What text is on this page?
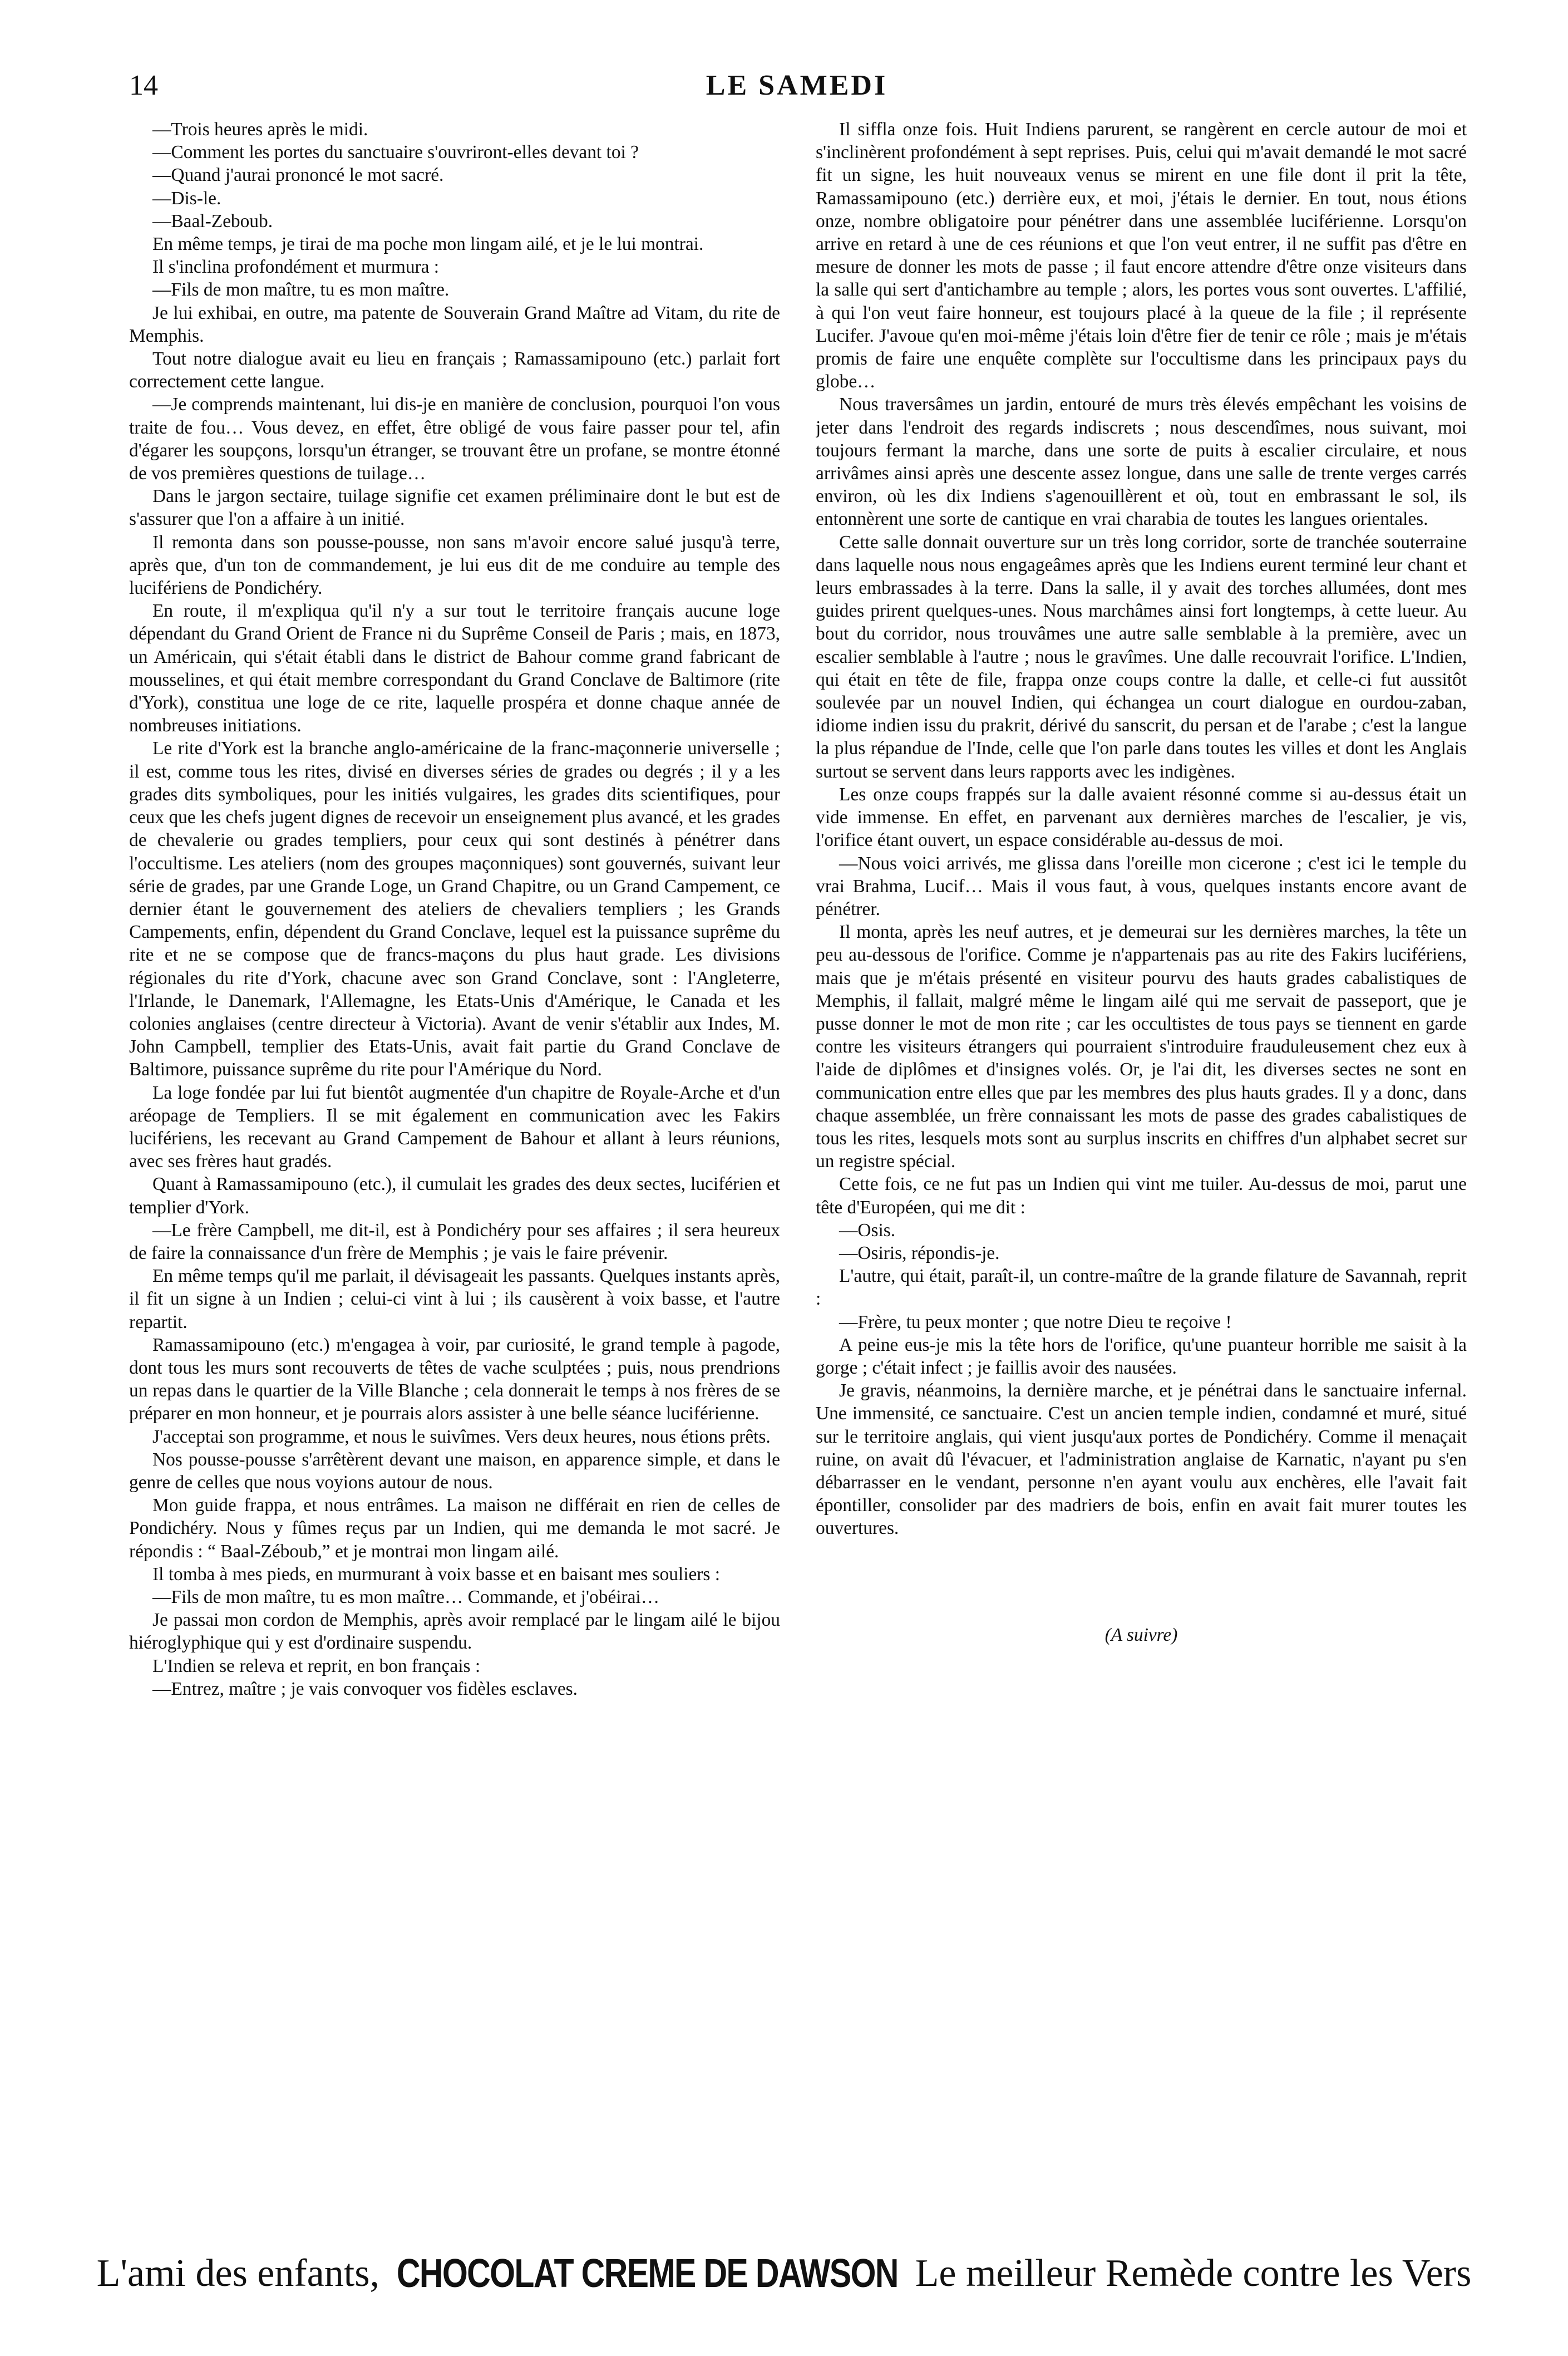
14	LE SAMEDI

—Trois heures après le midi.

—Comment les portes du sanctuaire s'ouvriront-elles devant toi ?

—Quand j'aurai prononcé le mot sacré.

—Dis-le.

—Baal-Zeboub.

En même temps, je tirai de ma poche mon lingam ailé, et je le lui montrai.

Il s'inclina profondément et murmura :

—Fils de mon maître, tu es mon maître.

Je lui exhibai, en outre, ma patente de Souverain Grand Maître ad Vitam, du rite de Memphis.

Tout notre dialogue avait eu lieu en français ; Ramassamipouno (etc.) parlait fort correctement cette langue.

—Je comprends maintenant, lui dis-je en manière de conclusion, pourquoi l'on vous traite de fou… Vous devez, en effet, être obligé de vous faire passer pour tel, afin d'égarer les soupçons, lorsqu'un étranger, se trouvant être un profane, se montre étonné de vos premières questions de tuilage…

Dans le jargon sectaire, tuilage signifie cet examen préliminaire dont le but est de s'assurer que l'on a affaire à un initié.

Il remonta dans son pousse-pousse, non sans m'avoir encore salué jusqu'à terre, après que, d'un ton de commandement, je lui eus dit de me conduire au temple des lucifériens de Pondichéry.

En route, il m'expliqua qu'il n'y a sur tout le territoire français aucune loge dépendant du Grand Orient de France ni du Suprême Conseil de Paris ; mais, en 1873, un Américain, qui s'était établi dans le district de Bahour comme grand fabricant de mousselines, et qui était membre correspondant du Grand Conclave de Baltimore (rite d'York), constitua une loge de ce rite, laquelle prospéra et donne chaque année de nombreuses initiations.

Le rite d'York est la branche anglo-américaine de la franc-maçonnerie universelle ; il est, comme tous les rites, divisé en diverses séries de grades ou degrés ; il y a les grades dits symboliques, pour les initiés vulgaires, les grades dits scientifiques, pour ceux que les chefs jugent dignes de recevoir un enseignement plus avancé, et les grades de chevalerie ou grades templiers, pour ceux qui sont destinés à pénétrer dans l'occultisme. Les ateliers (nom des groupes maçonniques) sont gouvernés, suivant leur série de grades, par une Grande Loge, un Grand Chapitre, ou un Grand Campement, ce dernier étant le gouvernement des ateliers de chevaliers templiers ; les Grands Campements, enfin, dépendent du Grand Conclave, lequel est la puissance suprême du rite et ne se compose que de francs-maçons du plus haut grade. Les divisions régionales du rite d'York, chacune avec son Grand Conclave, sont : l'Angleterre, l'Irlande, le Danemark, l'Allemagne, les Etats-Unis d'Amérique, le Canada et les colonies anglaises (centre directeur à Victoria). Avant de venir s'établir aux Indes, M. John Campbell, templier des Etats-Unis, avait fait partie du Grand Conclave de Baltimore, puissance suprême du rite pour l'Amérique du Nord.

La loge fondée par lui fut bientôt augmentée d'un chapitre de Royale-Arche et d'un aréopage de Templiers. Il se mit également en communication avec les Fakirs lucifériens, les recevant au Grand Campement de Bahour et allant à leurs réunions, avec ses frères haut gradés.

Quant à Ramassamipouno (etc.), il cumulait les grades des deux sectes, luciférien et templier d'York.

—Le frère Campbell, me dit-il, est à Pondichéry pour ses affaires ; il sera heureux de faire la connaissance d'un frère de Memphis ; je vais le faire prévenir.

En même temps qu'il me parlait, il dévisageait les passants. Quelques instants après, il fit un signe à un Indien ; celui-ci vint à lui ; ils causèrent à voix basse, et l'autre repartit.

Ramassamipouno (etc.) m'engagea à voir, par curiosité, le grand temple à pagode, dont tous les murs sont recouverts de têtes de vache sculptées ; puis, nous prendrions un repas dans le quartier de la Ville Blanche ; cela donnerait le temps à nos frères de se préparer en mon honneur, et je pourrais alors assister à une belle séance luciférienne.

J'acceptai son programme, et nous le suivîmes. Vers deux heures, nous étions prêts.

Nos pousse-pousse s'arrêtèrent devant une maison, en apparence simple, et dans le genre de celles que nous voyions autour de nous.

Mon guide frappa, et nous entrâmes. La maison ne différait en rien de celles de Pondichéry. Nous y fûmes reçus par un Indien, qui me demanda le mot sacré. Je répondis : “ Baal-Zéboub,” et je montrai mon lingam ailé.

Il tomba à mes pieds, en murmurant à voix basse et en baisant mes souliers :

—Fils de mon maître, tu es mon maître… Commande, et j'obéirai…

Je passai mon cordon de Memphis, après avoir remplacé par le lingam ailé le bijou hiéroglyphique qui y est d'ordinaire suspendu.

L'Indien se releva et reprit, en bon français :

—Entrez, maître ; je vais convoquer vos fidèles esclaves.

Il siffla onze fois. Huit Indiens parurent, se rangèrent en cercle autour de moi et s'inclinèrent profondément à sept reprises. Puis, celui qui m'avait demandé le mot sacré fit un signe, les huit nouveaux venus se mirent en une file dont il prit la tête, Ramassamipouno (etc.) derrière eux, et moi, j'étais le dernier. En tout, nous étions onze, nombre obligatoire pour pénétrer dans une assemblée luciférienne. Lorsqu'on arrive en retard à une de ces réunions et que l'on veut entrer, il ne suffit pas d'être en mesure de donner les mots de passe ; il faut encore attendre d'être onze visiteurs dans la salle qui sert d'antichambre au temple ; alors, les portes vous sont ouvertes. L'affilié, à qui l'on veut faire honneur, est toujours placé à la queue de la file ; il représente Lucifer. J'avoue qu'en moi-même j'étais loin d'être fier de tenir ce rôle ; mais je m'étais promis de faire une enquête complète sur l'occultisme dans les principaux pays du globe…

Nous traversâmes un jardin, entouré de murs très élevés empêchant les voisins de jeter dans l'endroit des regards indiscrets ; nous descendîmes, nous suivant, moi toujours fermant la marche, dans une sorte de puits à escalier circulaire, et nous arrivâmes ainsi après une descente assez longue, dans une salle de trente verges carrés environ, où les dix Indiens s'agenouillèrent et où, tout en embrassant le sol, ils entonnèrent une sorte de cantique en vrai charabia de toutes les langues orientales.

Cette salle donnait ouverture sur un très long corridor, sorte de tranchée souterraine dans laquelle nous nous engageâmes après que les Indiens eurent terminé leur chant et leurs embrassades à la terre. Dans la salle, il y avait des torches allumées, dont mes guides prirent quelques-unes. Nous marchâmes ainsi fort longtemps, à cette lueur. Au bout du corridor, nous trouvâmes une autre salle semblable à la première, avec un escalier semblable à l'autre ; nous le gravîmes. Une dalle recouvrait l'orifice. L'Indien, qui était en tête de file, frappa onze coups contre la dalle, et celle-ci fut aussitôt soulevée par un nouvel Indien, qui échangea un court dialogue en ourdou-zaban, idiome indien issu du prakrit, dérivé du sanscrit, du persan et de l'arabe ; c'est la langue la plus répandue de l'Inde, celle que l'on parle dans toutes les villes et dont les Anglais surtout se servent dans leurs rapports avec les indigènes.

Les onze coups frappés sur la dalle avaient résonné comme si au-dessus était un vide immense. En effet, en parvenant aux dernières marches de l'escalier, je vis, l'orifice étant ouvert, un espace considérable au-dessus de moi.

—Nous voici arrivés, me glissa dans l'oreille mon cicerone ; c'est ici le temple du vrai Brahma, Lucif… Mais il vous faut, à vous, quelques instants encore avant de pénétrer.

Il monta, après les neuf autres, et je demeurai sur les dernières marches, la tête un peu au-dessous de l'orifice. Comme je n'appartenais pas au rite des Fakirs lucifériens, mais que je m'étais présenté en visiteur pourvu des hauts grades cabalistiques de Memphis, il fallait, malgré même le lingam ailé qui me servait de passeport, que je pusse donner le mot de mon rite ; car les occultistes de tous pays se tiennent en garde contre les visiteurs étrangers qui pourraient s'introduire frauduleusement chez eux à l'aide de diplômes et d'insignes volés. Or, je l'ai dit, les diverses sectes ne sont en communication entre elles que par les membres des plus hauts grades. Il y a donc, dans chaque assemblée, un frère connaissant les mots de passe des grades cabalistiques de tous les rites, lesquels mots sont au surplus inscrits en chiffres d'un alphabet secret sur un registre spécial.

Cette fois, ce ne fut pas un Indien qui vint me tuiler. Au-dessus de moi, parut une tête d'Européen, qui me dit :

—Osis.

—Osiris, répondis-je.

L'autre, qui était, paraît-il, un contre-maître de la grande filature de Savannah, reprit :

—Frère, tu peux monter ; que notre Dieu te reçoive !

A peine eus-je mis la tête hors de l'orifice, qu'une puanteur horrible me saisit à la gorge ; c'était infect ; je faillis avoir des nausées.

Je gravis, néanmoins, la dernière marche, et je pénétrai dans le sanctuaire infernal. Une immensité, ce sanctuaire. C'est un ancien temple indien, condamné et muré, situé sur le territoire anglais, qui vient jusqu'aux portes de Pondichéry. Comme il menaçait ruine, on avait dû l'évacuer, et l'administration anglaise de Karnatic, n'ayant pu s'en débarrasser en le vendant, personne n'en ayant voulu aux enchères, elle l'avait fait épontiller, consolider par des madriers de bois, enfin en avait fait murer toutes les ouvertures.

(A suivre)

L'ami des enfants, CHOCOLAT CREME DE DAWSON Le meilleur Remède contre les Vers
